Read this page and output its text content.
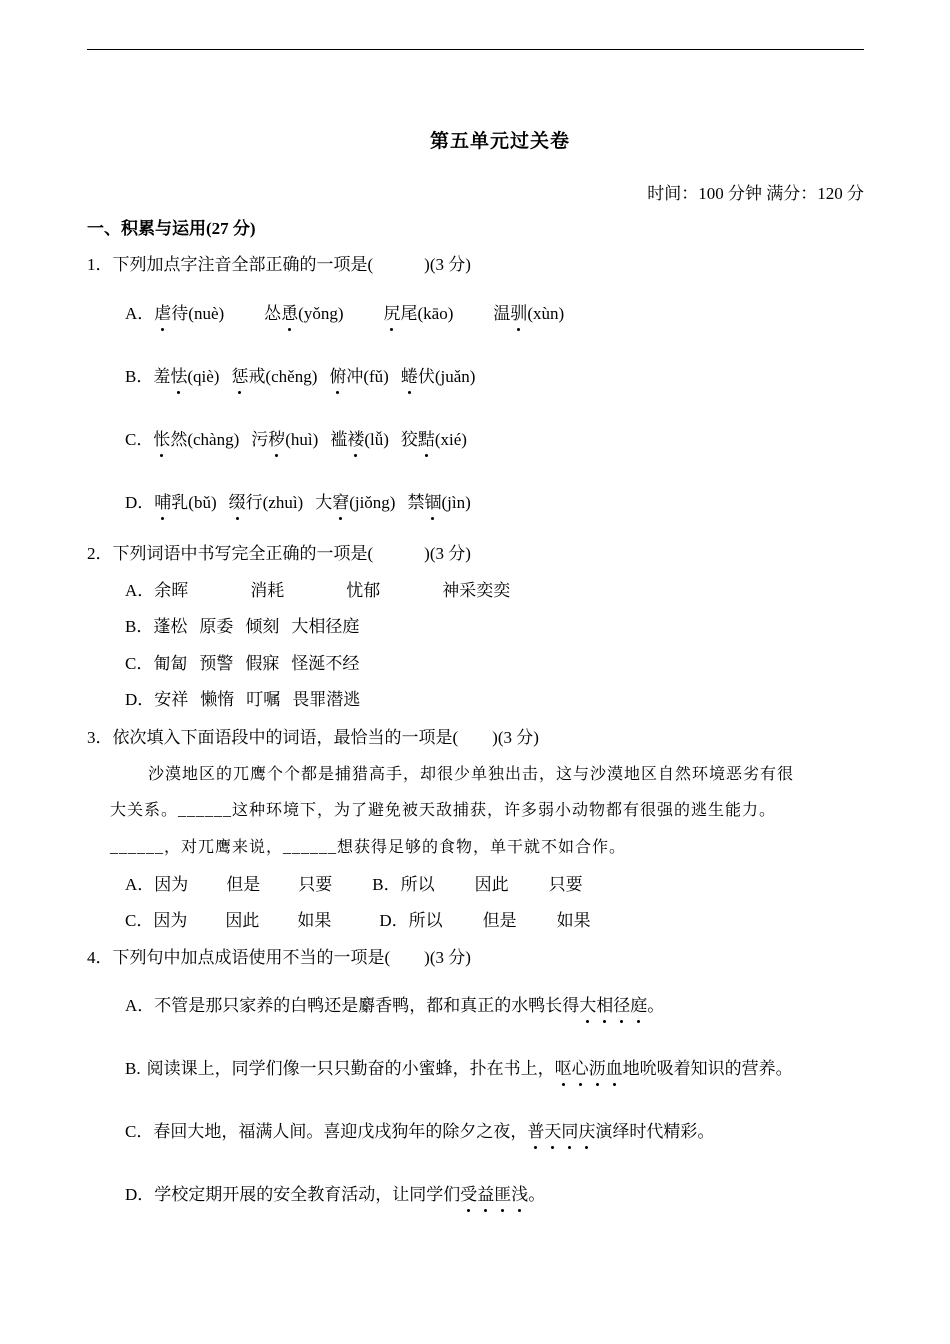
第五单元过关卷
时间：100 分钟 满分：120 分
一、积累与运用(27 分)
1．下列加点字注音全部正确的一项是(　　　)(3 分)
A．虐待(nuè) 怂恿(yǒng) 尻尾(kāo) 温驯(xùn)
B．羞怯(qiè) 惩戒(chěng) 俯冲(fǔ) 蜷伏(juǎn)
C．怅然(chàng) 污秽(huì) 褴褛(lǚ) 狡黠(xié)
D．哺乳(bǔ) 缀行(zhuì) 大窘(jiǒng) 禁锢(jìn)
2．下列词语中书写完全正确的一项是(　　　)(3 分)
A．余晖	消耗	忧郁	神采奕奕
B．蓬松 原委 倾刻 大相径庭
C．匍匐 预警 假寐 怪涎不经
D．安祥 懒惰 叮嘱 畏罪潜逃
3．依次填入下面语段中的词语，最恰当的一项是(　　)(3 分)
沙漠地区的兀鹰个个都是捕猎高手，却很少单独出击，这与沙漠地区自然环境恶劣有很
大关系。______这种环境下，为了避免被天敌捕获，许多弱小动物都有很强的逃生能力。
______，对兀鹰来说，______想获得足够的食物，单干就不如合作。
A．因为 但是 只要 B．所以 因此 只要
C．因为 因此 如果	D．所以 但是 如果
4．下列句中加点成语使用不当的一项是(　　)(3 分)
A．不管是那只家养的白鸭还是麝香鸭，都和真正的水鸭长得大相径庭。
B. 阅读课上，同学们像一只只勤奋的小蜜蜂，扑在书上，呕心沥血地吮吸着知识的营养。
C．春回大地，福满人间。喜迎戊戌狗年的除夕之夜，普天同庆演绎时代精彩。
D．学校定期开展的安全教育活动，让同学们受益匪浅。
